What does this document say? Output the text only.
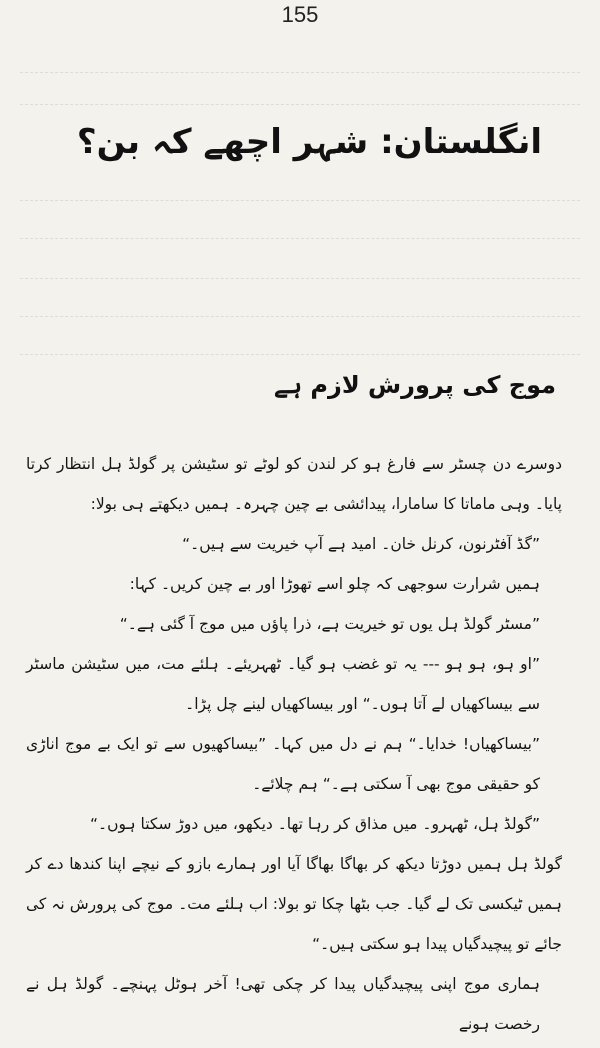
155
انگلستان: شہر اچھے کہ بن؟
موج کی پرورش لازم ہے

دوسرے دن چسٹر سے فارغ ہو کر لندن کو لوٹے تو سٹیشن پر گولڈ ہل انتظار کرتا پایا۔ وہی ماماتا کا سامارا، پیدائشی بے چین چہرہ۔ ہمیں دیکھتے ہی بولا:

”گڈ آفٹرنون، کرنل خان۔ امید ہے آپ خیریت سے ہیں۔“

ہمیں شرارت سوجھی کہ چلو اسے تھوڑا اور بے چین کریں۔ کہا:

”مسٹر گولڈ ہل یوں تو خیریت ہے، ذرا پاؤں میں موج آ گئی ہے۔“

”او ہو، ہو ہو --- یہ تو غضب ہو گیا۔ ٹھہریئے۔ ہلئے مت، میں سٹیشن ماسٹر سے بیساکھیاں لے آتا ہوں۔“ اور بیساکھیاں لینے چل پڑا۔

”بیساکھیاں! خدایا۔“ ہم نے دل میں کہا۔ ”بیساکھیوں سے تو ایک بے موج اناڑی کو حقیقی موج بھی آ سکتی ہے۔“ ہم چلائے۔

”گولڈ ہل، ٹھہرو۔ میں مذاق کر رہا تھا۔ دیکھو، میں دوڑ سکتا ہوں۔“

گولڈ ہل ہمیں دوڑتا دیکھ کر بھاگا بھاگا آیا اور ہمارے بازو کے نیچے اپنا کندھا دے کر ہمیں ٹیکسی تک لے گیا۔ جب بٹھا چکا تو بولا: اب ہلئے مت۔ موج کی پرورش نہ کی جائے تو پیچیدگیاں پیدا ہو سکتی ہیں۔“

ہماری موج اپنی پیچیدگیاں پیدا کر چکی تھی! آخر ہوٹل پہنچے۔ گولڈ ہل نے رخصت ہونے
